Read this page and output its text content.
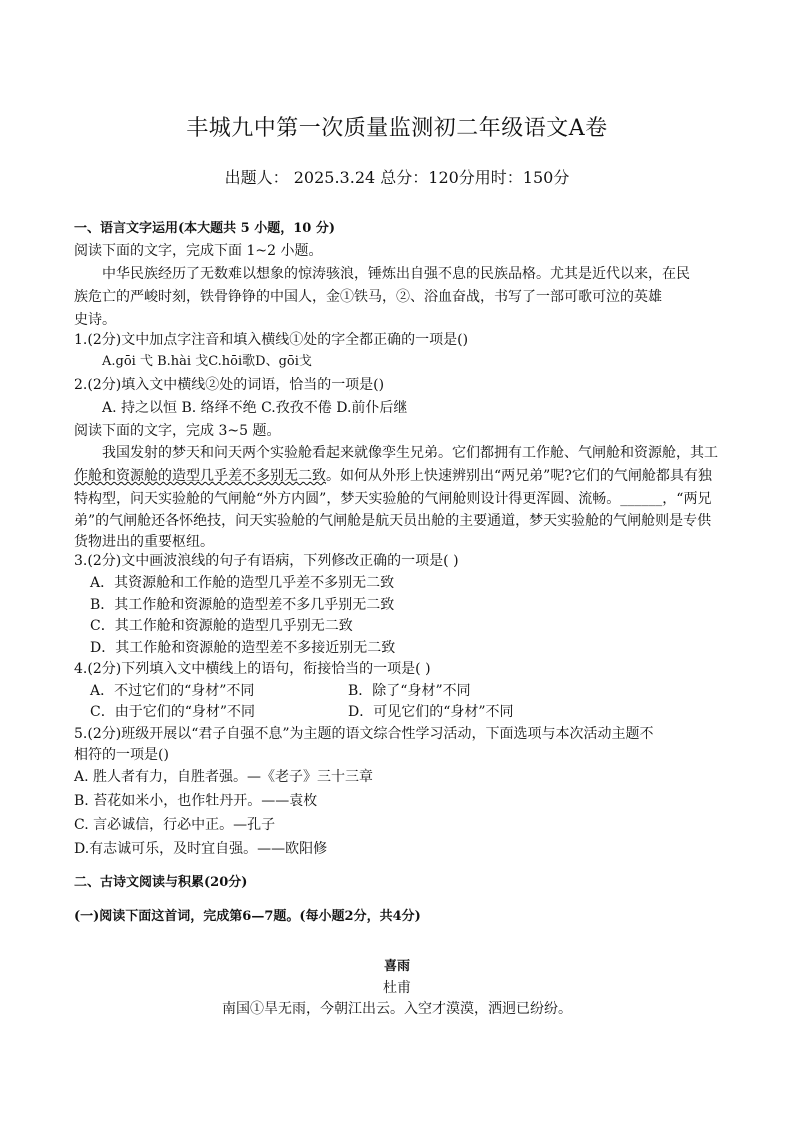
丰城九中第一次质量监测初二年级语文A卷
出题人： 2025.3.24 总分：120分用时：150分
一、语言文字运用(本大题共 5 小题，10 分)
阅读下面的文字，完成下面 1~2 小题。
中华民族经历了无数难以想象的惊涛骇浪，锤炼出自强不息的民族品格。尤其是近代以来，在民
族危亡的严峻时刻，铁骨铮铮的中国人，金①铁马，②、浴血奋战，书写了一部可歌可泣的英雄
史诗。
1.(2分)文中加点字注音和填入横线①处的字全都正确的一项是()
A.gōi 弋 B.hài 戈C.hōi歌D、gōi戈
2.(2分)填入文中横线②处的词语，恰当的一项是()
A. 持之以恒 B. 络绎不绝 C.孜孜不倦 D.前仆后继
阅读下面的文字，完成 3~5 题。
我国发射的梦天和问天两个实验舱看起来就像孪生兄弟。它们都拥有工作舱、气闸舱和资源舱，其工
作舱和资源舱的造型几乎差不多别无二致。如何从外形上快速辨别出“两兄弟”呢?它们的气闸舱都具有独
特构型，问天实验舱的气闸舱“外方内圆”，梦天实验舱的气闸舱则设计得更浑圆、流畅。______，“两兄
弟”的气闸舱还各怀绝技，问天实验舱的气闸舱是航天员出舱的主要通道，梦天实验舱的气闸舱则是专供
货物进出的重要枢纽。
3.(2分)文中画波浪线的句子有语病，下列修改正确的一项是( )
A．其资源舱和工作舱的造型几乎差不多别无二致
B．其工作舱和资源舱的造型差不多几乎别无二致
C．其工作舱和资源舱的造型几乎别无二致
D．其工作舱和资源舱的造型差不多接近别无二致
4.(2分)下列填入文中横线上的语句，衔接恰当的一项是( )
A．不过它们的“身材”不同	B．除了“身材”不同
C．由于它们的“身材”不同	D．可见它们的“身材”不同
5.(2分)班级开展以“君子自强不息”为主题的语文综合性学习活动，下面选项与本次活动主题不
相符的一项是()
A. 胜人者有力，自胜者强。—《老子》三十三章
B. 苔花如米小，也作牡丹开。——袁枚
C. 言必诚信，行必中正。—孔子
D.有志诚可乐，及时宜自强。——欧阳修
二、古诗文阅读与积累(20分)
(一)阅读下面这首词，完成第6—7题。(每小题2分，共4分)
喜雨
杜甫
南国①旱无雨，今朝江出云。入空才漠漠，洒迥已纷纷。
